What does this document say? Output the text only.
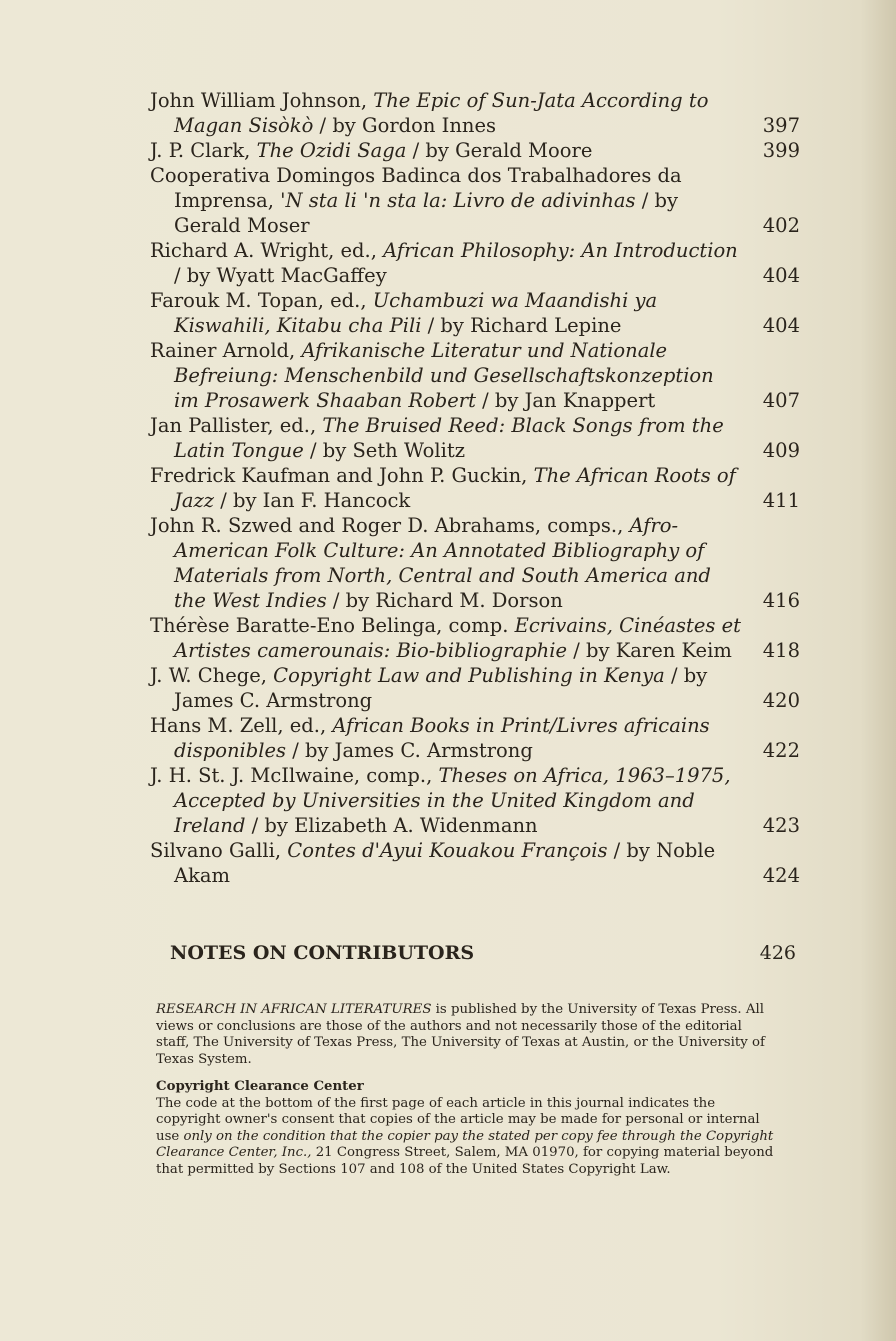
John William Johnson, The Epic of Sun-Jata According to Magan Sisòkò / by Gordon Innes	397
J. P. Clark, The Ozidi Saga / by Gerald Moore	399
Cooperativa Domingos Badinca dos Trabalhadores da Imprensa, 'N sta li 'n sta la: Livro de adivinhas / by Gerald Moser	402
Richard A. Wright, ed., African Philosophy: An Introduction / by Wyatt MacGaffey	404
Farouk M. Topan, ed., Uchambuzi wa Maandishi ya Kiswahili, Kitabu cha Pili / by Richard Lepine	404
Rainer Arnold, Afrikanische Literatur und Nationale Befreiung: Menschenbild und Gesellschaftskonzeption im Prosawerk Shaaban Robert / by Jan Knappert	407
Jan Pallister, ed., The Bruised Reed: Black Songs from the Latin Tongue / by Seth Wolitz	409
Fredrick Kaufman and John P. Guckin, The African Roots of Jazz / by Ian F. Hancock	411
John R. Szwed and Roger D. Abrahams, comps., Afro-American Folk Culture: An Annotated Bibliography of Materials from North, Central and South America and the West Indies / by Richard M. Dorson	416
Thérèse Baratte-Eno Belinga, comp. Ecrivains, Cinéastes et Artistes camerounais: Bio-bibliographie / by Karen Keim 418
J. W. Chege, Copyright Law and Publishing in Kenya / by James C. Armstrong	420
Hans M. Zell, ed., African Books in Print/Livres africains disponibles / by James C. Armstrong	422
J. H. St. J. McIlwaine, comp., Theses on Africa, 1963–1975, Accepted by Universities in the United Kingdom and Ireland / by Elizabeth A. Widenmann	423
Silvano Galli, Contes d'Ayui Kouakou François / by Noble Akam	424
NOTES ON CONTRIBUTORS	426

RESEARCH IN AFRICAN LITERATURES is published by the University of Texas Press. All views or conclusions are those of the authors and not necessarily those of the editorial staff, The University of Texas Press, The University of Texas at Austin, or the University of Texas System.

Copyright Clearance Center

The code at the bottom of the first page of each article in this journal indicates the copyright owner's consent that copies of the article may be made for personal or internal use only on the condition that the copier pay the stated per copy fee through the Copyright Clearance Center, Inc., 21 Congress Street, Salem, MA 01970, for copying material beyond that permitted by Sections 107 and 108 of the United States Copyright Law.
